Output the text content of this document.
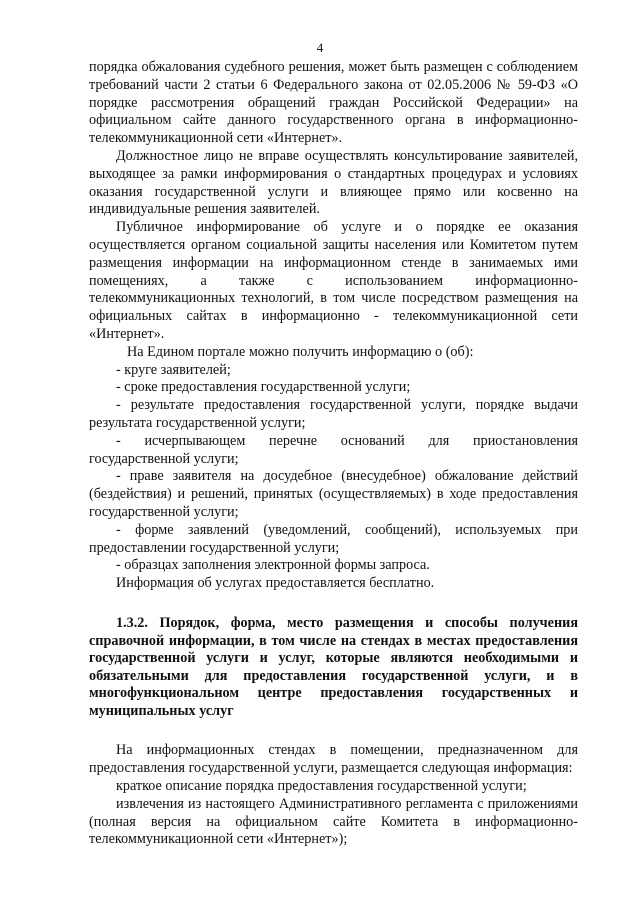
4

порядка обжалования судебного решения, может быть размещен с соблюдением требований части 2 статьи 6 Федерального закона от 02.05.2006 № 59-ФЗ «О порядке рассмотрения обращений граждан Российской Федерации» на официальном сайте данного государственного органа в информационно-телекоммуникационной сети «Интернет».

Должностное лицо не вправе осуществлять консультирование заявителей, выходящее за рамки информирования о стандартных процедурах и условиях оказания государственной услуги и влияющее прямо или косвенно на индивидуальные решения заявителей.

Публичное информирование об услуге и о порядке ее оказания осуществляется органом социальной защиты населения или Комитетом путем размещения информации на информационном стенде в занимаемых ими помещениях, а также с использованием информационно-телекоммуникационных технологий, в том числе посредством размещения на официальных сайтах в информационно - телекоммуникационной сети «Интернет».

На Едином портале можно получить информацию о (об):

- круге заявителей;

- сроке предоставления государственной услуги;

- результате предоставления государственной услуги, порядке выдачи результата государственной услуги;

- исчерпывающем перечне оснований для приостановления государственной услуги;

- праве заявителя на досудебное (внесудебное) обжалование действий (бездействия) и решений, принятых (осуществляемых) в ходе предоставления государственной услуги;

- форме заявлений (уведомлений, сообщений), используемых при предоставлении государственной услуги;

- образцах заполнения электронной формы запроса.

Информация об услугах предоставляется бесплатно.

1.3.2. Порядок, форма, место размещения и способы получения справочной информации, в том числе на стендах в местах предоставления государственной услуги и услуг, которые являются необходимыми и обязательными для предоставления государственной услуги, и в многофункциональном центре предоставления государственных и муниципальных услуг

На информационных стендах в помещении, предназначенном для предоставления государственной услуги, размещается следующая информация:

краткое описание порядка предоставления государственной услуги;

извлечения из настоящего Административного регламента с приложениями (полная версия на официальном сайте Комитета в информационно-телекоммуникационной сети «Интернет»);
